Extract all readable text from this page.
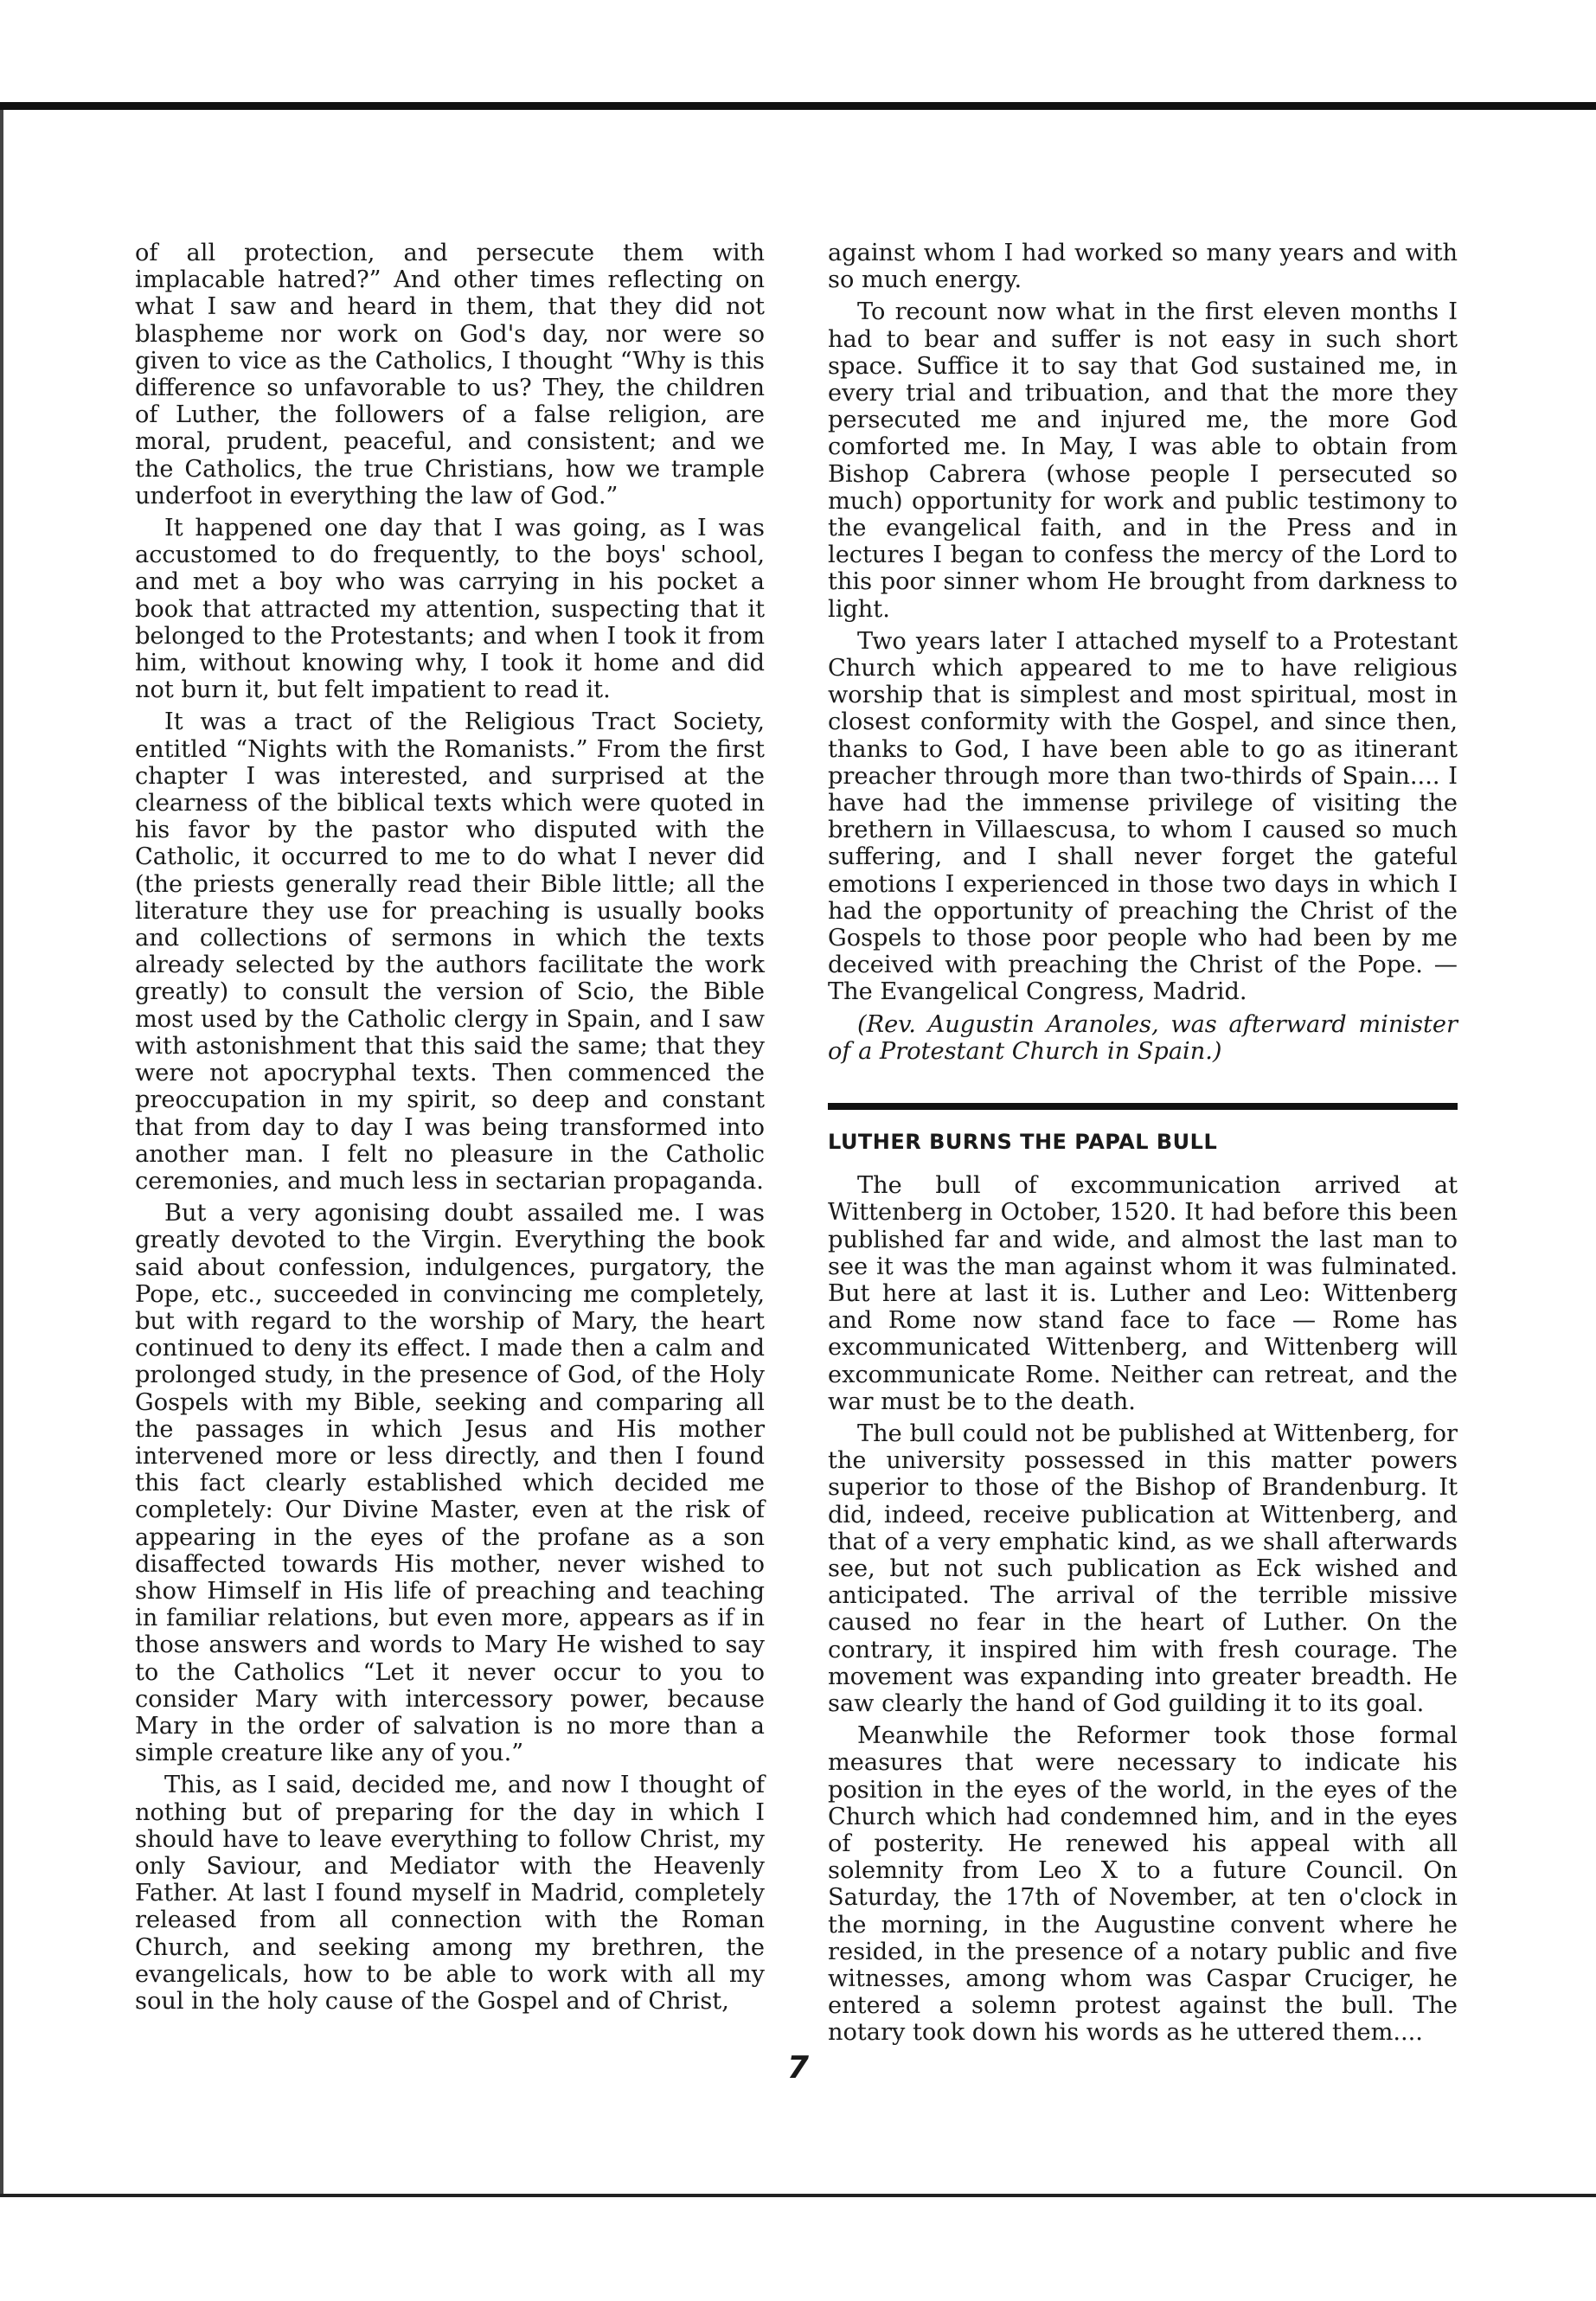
of all protection, and persecute them with implacable hatred?” And other times reflecting on what I saw and heard in them, that they did not blaspheme nor work on God's day, nor were so given to vice as the Catholics, I thought “Why is this difference so unfavorable to us? They, the children of Luther, the followers of a false religion, are moral, prudent, peaceful, and consistent; and we the Catholics, the true Christians, how we trample underfoot in everything the law of God.”

It happened one day that I was going, as I was accustomed to do frequently, to the boys' school, and met a boy who was carrying in his pocket a book that attracted my attention, suspecting that it belonged to the Protestants; and when I took it from him, without knowing why, I took it home and did not burn it, but felt impatient to read it.

It was a tract of the Religious Tract Society, entitled “Nights with the Romanists.” From the first chapter I was interested, and surprised at the clearness of the biblical texts which were quoted in his favor by the pastor who disputed with the Catholic, it occurred to me to do what I never did (the priests generally read their Bible little; all the literature they use for preaching is usually books and collections of sermons in which the texts already selected by the authors facilitate the work greatly) to consult the version of Scio, the Bible most used by the Catholic clergy in Spain, and I saw with astonishment that this said the same; that they were not apocryphal texts. Then commenced the preoccupation in my spirit, so deep and constant that from day to day I was being transformed into another man. I felt no pleasure in the Catholic ceremonies, and much less in sectarian propaganda.

But a very agonising doubt assailed me. I was greatly devoted to the Virgin. Everything the book said about confession, indulgences, purgatory, the Pope, etc., succeeded in convincing me completely, but with regard to the worship of Mary, the heart continued to deny its effect. I made then a calm and prolonged study, in the presence of God, of the Holy Gospels with my Bible, seeking and comparing all the passages in which Jesus and His mother intervened more or less directly, and then I found this fact clearly established which decided me completely: Our Divine Master, even at the risk of appearing in the eyes of the profane as a son disaffected towards His mother, never wished to show Himself in His life of preaching and teaching in familiar relations, but even more, appears as if in those answers and words to Mary He wished to say to the Catholics “Let it never occur to you to consider Mary with intercessory power, because Mary in the order of salvation is no more than a simple creature like any of you.”

This, as I said, decided me, and now I thought of nothing but of preparing for the day in which I should have to leave everything to follow Christ, my only Saviour, and Mediator with the Heavenly Father. At last I found myself in Madrid, completely released from all connection with the Roman Church, and seeking among my brethren, the evangelicals, how to be able to work with all my soul in the holy cause of the Gospel and of Christ,

against whom I had worked so many years and with so much energy.

To recount now what in the first eleven months I had to bear and suffer is not easy in such short space. Suffice it to say that God sustained me, in every trial and tribuation, and that the more they persecuted me and injured me, the more God comforted me. In May, I was able to obtain from Bishop Cabrera (whose people I persecuted so much) opportunity for work and public testimony to the evangelical faith, and in the Press and in lectures I began to confess the mercy of the Lord to this poor sinner whom He brought from darkness to light.

Two years later I attached myself to a Protestant Church which appeared to me to have religious worship that is simplest and most spiritual, most in closest conformity with the Gospel, and since then, thanks to God, I have been able to go as itinerant preacher through more than two-thirds of Spain.... I have had the immense privilege of visiting the brethern in Villaescusa, to whom I caused so much suffering, and I shall never forget the gateful emotions I experienced in those two days in which I had the opportunity of preaching the Christ of the Gospels to those poor people who had been by me deceived with preaching the Christ of the Pope. — The Evangelical Congress, Madrid.

(Rev. Augustin Aranoles, was afterward minister of a Protestant Church in Spain.)

LUTHER BURNS THE PAPAL BULL

The bull of excommunication arrived at Wittenberg in October, 1520. It had before this been published far and wide, and almost the last man to see it was the man against whom it was fulminated. But here at last it is. Luther and Leo: Wittenberg and Rome now stand face to face — Rome has excommunicated Wittenberg, and Wittenberg will excommunicate Rome. Neither can retreat, and the war must be to the death.

The bull could not be published at Wittenberg, for the university possessed in this matter powers superior to those of the Bishop of Brandenburg. It did, indeed, receive publication at Wittenberg, and that of a very emphatic kind, as we shall afterwards see, but not such publication as Eck wished and anticipated. The arrival of the terrible missive caused no fear in the heart of Luther. On the contrary, it inspired him with fresh courage. The movement was expanding into greater breadth. He saw clearly the hand of God guilding it to its goal.

Meanwhile the Reformer took those formal measures that were necessary to indicate his position in the eyes of the world, in the eyes of the Church which had condemned him, and in the eyes of posterity. He renewed his appeal with all solemnity from Leo X to a future Council. On Saturday, the 17th of November, at ten o'clock in the morning, in the Augustine convent where he resided, in the presence of a notary public and five witnesses, among whom was Caspar Cruciger, he entered a solemn protest against the bull. The notary took down his words as he uttered them....

7
